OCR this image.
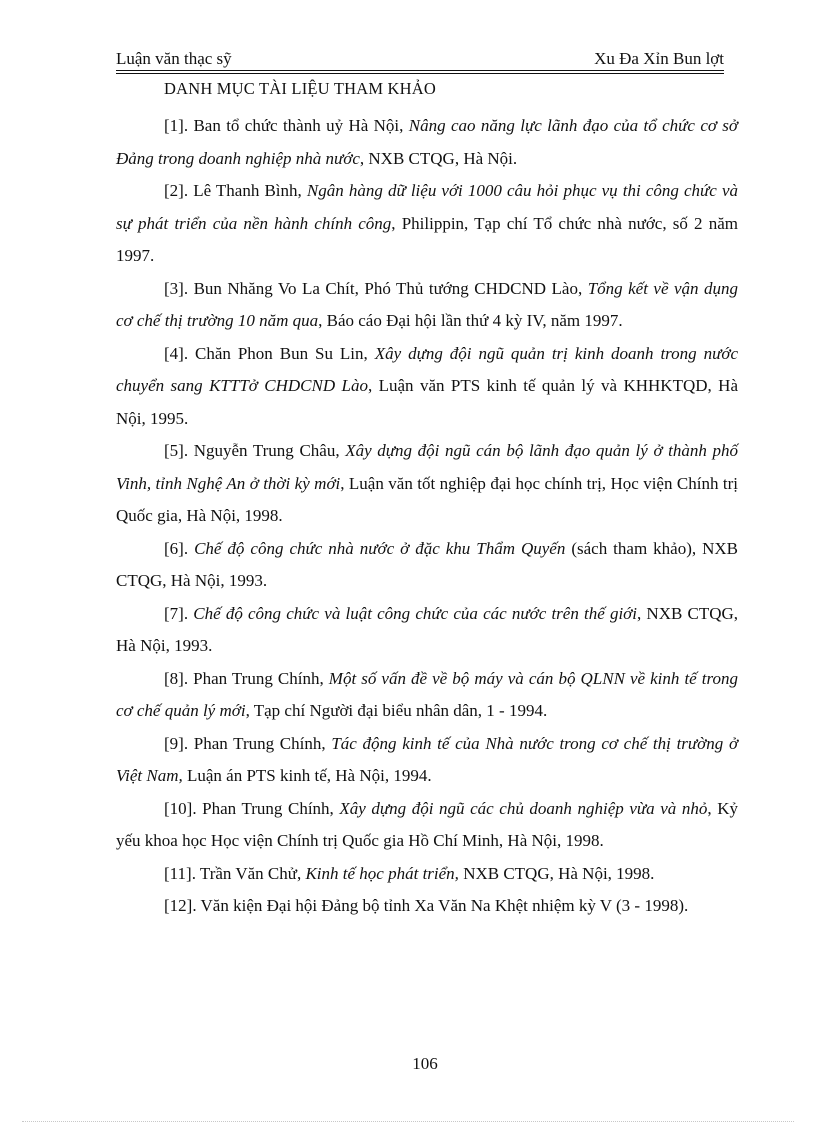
Luận văn thạc sỹ	Xu Đa Xỉn Bun lợt
DANH MỤC TÀI LIỆU THAM KHẢO

[1]. Ban tổ chức thành uỷ Hà Nội, Nâng cao năng lực lãnh đạo của tổ chức cơ sở Đảng trong doanh nghiệp nhà nước, NXB CTQG, Hà Nội.

[2]. Lê Thanh Bình, Ngân hàng dữ liệu với 1000 câu hỏi phục vụ thi công chức và sự phát triển của nền hành chính công, Philippin, Tạp chí Tổ chức nhà nước, số 2 năm 1997.

[3]. Bun Nhăng Vo La Chít, Phó Thủ tướng CHDCND Lào, Tổng kết về vận dụng cơ chế thị trường 10 năm qua, Báo cáo Đại hội lần thứ 4 kỳ IV, năm 1997.

[4]. Chăn Phon Bun Su Lin, Xây dựng đội ngũ quản trị kinh doanh trong nước chuyển sang KTTTở CHDCND Lào, Luận văn PTS kinh tế quản lý và KHHKTQD, Hà Nội, 1995.

[5]. Nguyễn Trung Châu, Xây dựng đội ngũ cán bộ lãnh đạo quản lý ở thành phố Vinh, tỉnh Nghệ An ở thời kỳ mới, Luận văn tốt nghiệp đại học chính trị, Học viện Chính trị Quốc gia, Hà Nội, 1998.

[6]. Chế độ công chức nhà nước ở đặc khu Thẩm Quyến (sách tham khảo), NXB CTQG, Hà Nội, 1993.

[7]. Chế độ công chức và luật công chức của các nước trên thế giới, NXB CTQG, Hà Nội, 1993.

[8]. Phan Trung Chính, Một số vấn đề về bộ máy và cán bộ QLNN về kinh tế trong cơ chế quản lý mới, Tạp chí Người đại biểu nhân dân, 1 - 1994.

[9]. Phan Trung Chính, Tác động kinh tế của Nhà nước trong cơ chế thị trường ở Việt Nam, Luận án PTS kinh tế, Hà Nội, 1994.

[10]. Phan Trung Chính, Xây dựng đội ngũ các chủ doanh nghiệp vừa và nhỏ, Kỷ yếu khoa học Học viện Chính trị Quốc gia Hồ Chí Minh, Hà Nội, 1998.

[11]. Trần Văn Chử, Kinh tế học phát triển, NXB CTQG, Hà Nội, 1998.

[12]. Văn kiện Đại hội Đảng bộ tỉnh Xa Văn Na Khệt nhiệm kỳ V (3 - 1998).

106
